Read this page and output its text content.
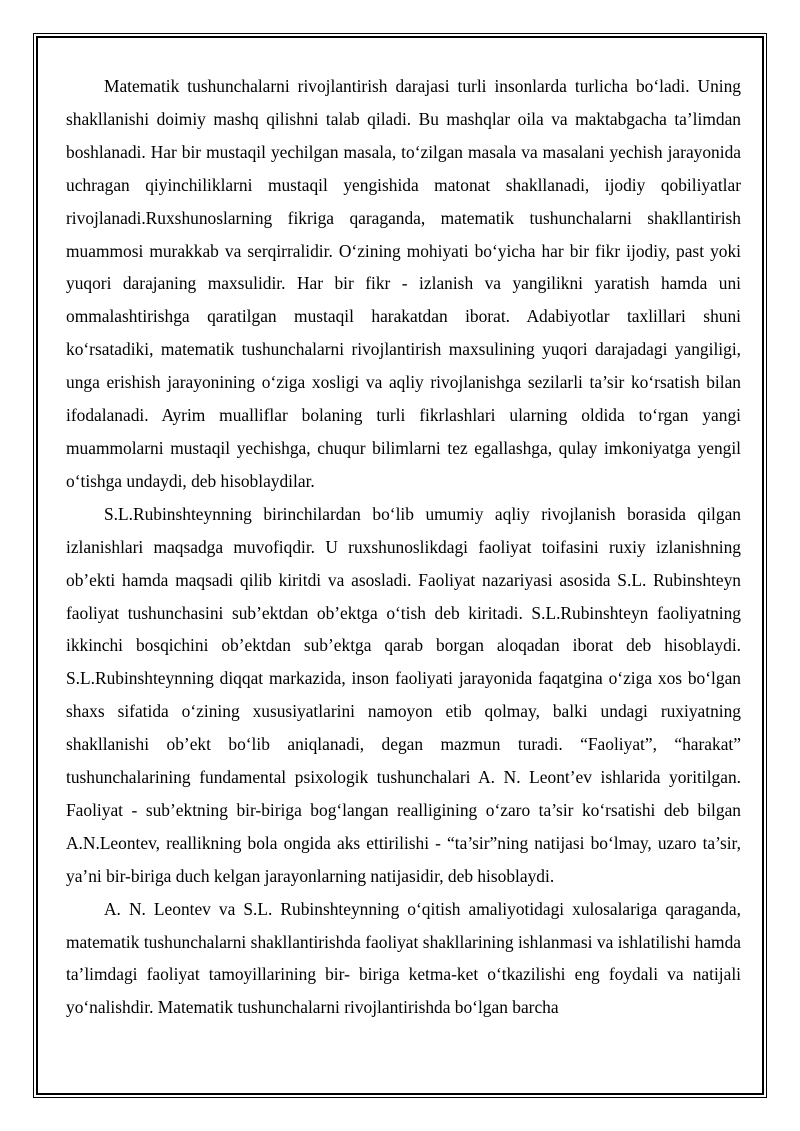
Matematik tushunchalarni rivojlantirish darajasi turli insonlarda turlicha bo‘ladi. Uning shakllanishi doimiy mashq qilishni talab qiladi. Bu mashqlar oila va maktabgacha ta’limdan boshlanadi. Har bir mustaqil yechilgan masala, to‘zilgan masala va masalani yechish jarayonida uchragan qiyinchiliklarni mustaqil yengishida matonat shakllanadi, ijodiy qobiliyatlar rivojlanadi.Ruxshunoslarning fikriga qaraganda, matematik tushunchalarni shakllantirish muammosi murakkab va serqirralidir. O‘zining mohiyati bo‘yicha har bir fikr ijodiy, past yoki yuqori darajaning maxsulidir. Har bir fikr - izlanish va yangilikni yaratish hamda uni ommalashtirishga qaratilgan mustaqil harakatdan iborat. Adabiyotlar taxlillari shuni ko‘rsatadiki, matematik tushunchalarni rivojlantirish maxsulining yuqori darajadagi yangiligi, unga erishish jarayonining o‘ziga xosligi va aqliy rivojlanishga sezilarli ta’sir ko‘rsatish bilan ifodalanadi. Ayrim mualliflar bolaning turli fikrlashlari ularning oldida to‘rgan yangi muammolarni mustaqil yechishga, chuqur bilimlarni tez egallashga, qulay imkoniyatga yengil o‘tishga undaydi, deb hisoblaydilar.

S.L.Rubinshteynning birinchilardan bo‘lib umumiy aqliy rivojlanish borasida qilgan izlanishlari maqsadga muvofiqdir. U ruxshunoslikdagi faoliyat toifasini ruxiy izlanishning ob’ekti hamda maqsadi qilib kiritdi va asosladi. Faoliyat nazariyasi asosida S.L. Rubinshteyn faoliyat tushunchasini sub’ektdan ob’ektga o‘tish deb kiritadi. S.L.Rubinshteyn faoliyatning ikkinchi bosqichini ob’ektdan sub’ektga qarab borgan aloqadan iborat deb hisoblaydi. S.L.Rubinshteynning diqqat markazida, inson faoliyati jarayonida faqatgina o‘ziga xos bo‘lgan shaxs sifatida o‘zining xususiyatlarini namoyon etib qolmay, balki undagi ruxiyatning shakllanishi ob’ekt bo‘lib aniqlanadi, degan mazmun turadi. “Faoliyat”, “harakat” tushunchalarining fundamental psixologik tushunchalari A. N. Leont’ev ishlarida yoritilgan. Faoliyat - sub’ektning bir-biriga bog‘langan realligining o‘zaro ta’sir ko‘rsatishi deb bilgan A.N.Leontev, reallikning bola ongida aks ettirilishi - “ta’sir”ning natijasi bo‘lmay, uzaro ta’sir, ya’ni bir-biriga duch kelgan jarayonlarning natijasidir, deb hisoblaydi.

A. N. Leontev va S.L. Rubinshteynning o‘qitish amaliyotidagi xulosalariga qaraganda, matematik tushunchalarni shakllantirishda faoliyat shakllarining ishlanmasi va ishlatilishi hamda ta’limdagi faoliyat tamoyillarining bir- biriga ketma-ket o‘tkazilishi eng foydali va natijali yo‘nalishdir. Matematik tushunchalarni rivojlantirishda bo‘lgan barcha
